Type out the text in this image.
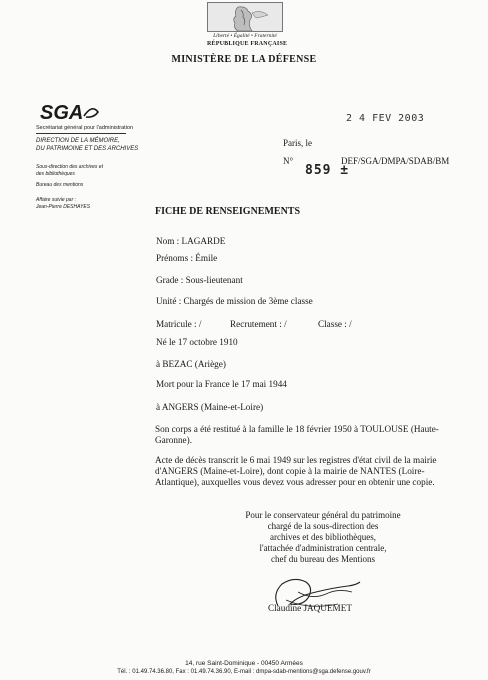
Liberté • Égalité • Fraternité
RÉPUBLIQUE FRANÇAISE
MINISTÈRE DE LA DÉFENSE
SGA
Secrétariat général pour l'administration
DIRECTION DE LA MÉMOIRE,
DU PATRIMOINE ET DES ARCHIVES
Sous-direction des archives et
des bibliothèques
Bureau des mentions
Affaire suivie par :
Jean-Pierre DESHAYES
2 4 FEV 2003
Paris, le
N°
859 ±
DEF/SGA/DMPA/SDAB/BM
FICHE DE RENSEIGNEMENTS
Nom : LAGARDE
Prénoms : Émile
Grade : Sous-lieutenant
Unité : Chargés de mission de 3ème classe
Matricule : /	Recrutement : /	Classe : /
Né le 17 octobre 1910
à BEZAC (Ariège)
Mort pour la France le 17 mai 1944
à ANGERS (Maine-et-Loire)
Son corps a été restitué à la famille le 18 février 1950 à TOULOUSE (Haute-
Garonne).
Acte de décès transcrit le 6 mai 1949 sur les registres d'état civil de la mairie
d'ANGERS (Maine-et-Loire), dont copie à la mairie de NANTES (Loire-
Atlantique), auxquelles vous devez vous adresser pour en obtenir une copie.
Pour le conservateur général du patrimoine
chargé de la sous-direction des
archives et des bibliothèques,
l'attachée d'administration centrale,
chef du bureau des Mentions
Claudine JAQUEMET
14, rue Saint-Dominique - 00450 Armées
Tél. : 01.49.74.36.80, Fax : 01.49.74.36.90, E-mail : dmpa-sdab-mentions@sga.defense.gouv.fr
